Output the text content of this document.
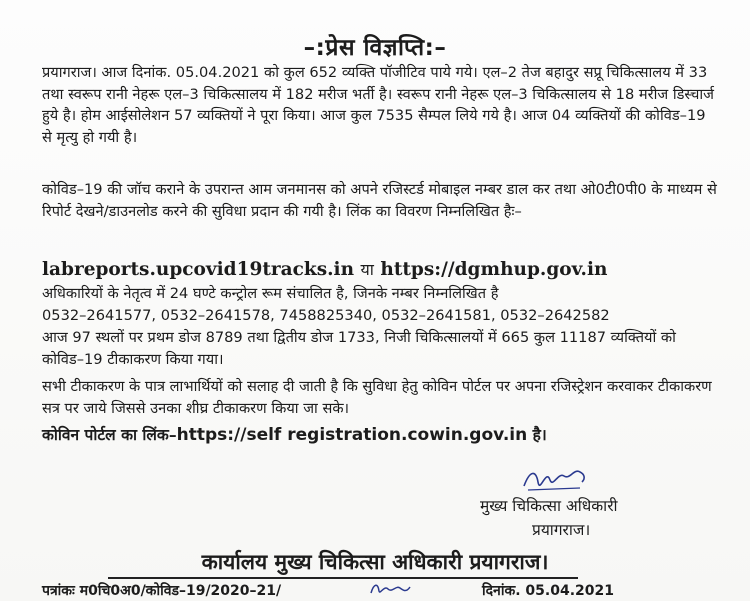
–:प्रेस विज्ञप्ति:–
प्रयागराज। आज दिनांक. 05.04.2021 को कुल 652 व्यक्ति पॉजीटिव पाये गये। एल–2 तेज बहादुर सप्रू चिकित्सालय में 33 तथा स्वरूप रानी नेहरू एल–3 चिकित्सालय में 182 मरीज भर्ती है। स्वरूप रानी नेहरू एल–3 चिकित्सालय से 18 मरीज डिस्चार्ज हुये है। होम आईसोलेशन 57 व्यक्तियों ने पूरा किया। आज कुल 7535 सैम्पल लिये गये है। आज 04 व्यक्तियों की कोविड–19 से मृत्यु हो गयी है।
कोविड–19 की जॉच कराने के उपरान्त आम जनमानस को अपने रजिस्टर्ड मोबाइल नम्बर डाल कर तथा ओ0टी0पी0 के माध्यम से रिपोर्ट देखने/डाउनलोड करने की सुविधा प्रदान की गयी है। लिंक का विवरण निम्नलिखित हैः–
labreports.upcovid19tracks.in या https://dgmhup.gov.in
अधिकारियों के नेतृत्व में 24 घण्टे कन्ट्रोल रूम संचालित है, जिनके नम्बर निम्नलिखित है
0532–2641577, 0532–2641578, 7458825340, 0532–2641581, 0532–2642582
आज 97 स्थलों पर प्रथम डोज 8789 तथा द्वितीय डोज 1733, निजी चिकित्सालयों में 665 कुल 11187 व्यक्तियों को कोविड–19 टीकाकरण किया गया।
सभी टीकाकरण के पात्र लाभार्थियों को सलाह दी जाती है कि सुविधा हेतु कोविन पोर्टल पर अपना रजिस्ट्रेशन करवाकर टीकाकरण सत्र पर जाये जिससे उनका शीघ्र टीकाकरण किया जा सके।
कोविन पोर्टल का लिंक–https://self registration.cowin.gov.in है।
मुख्य चिकित्सा अधिकारी
प्रयागराज।
कार्यालय मुख्य चिकित्सा अधिकारी प्रयागराज।
पत्रांकः म0चि0अ0/कोविड–19/2020–21/	दिनांक. 05.04.2021
